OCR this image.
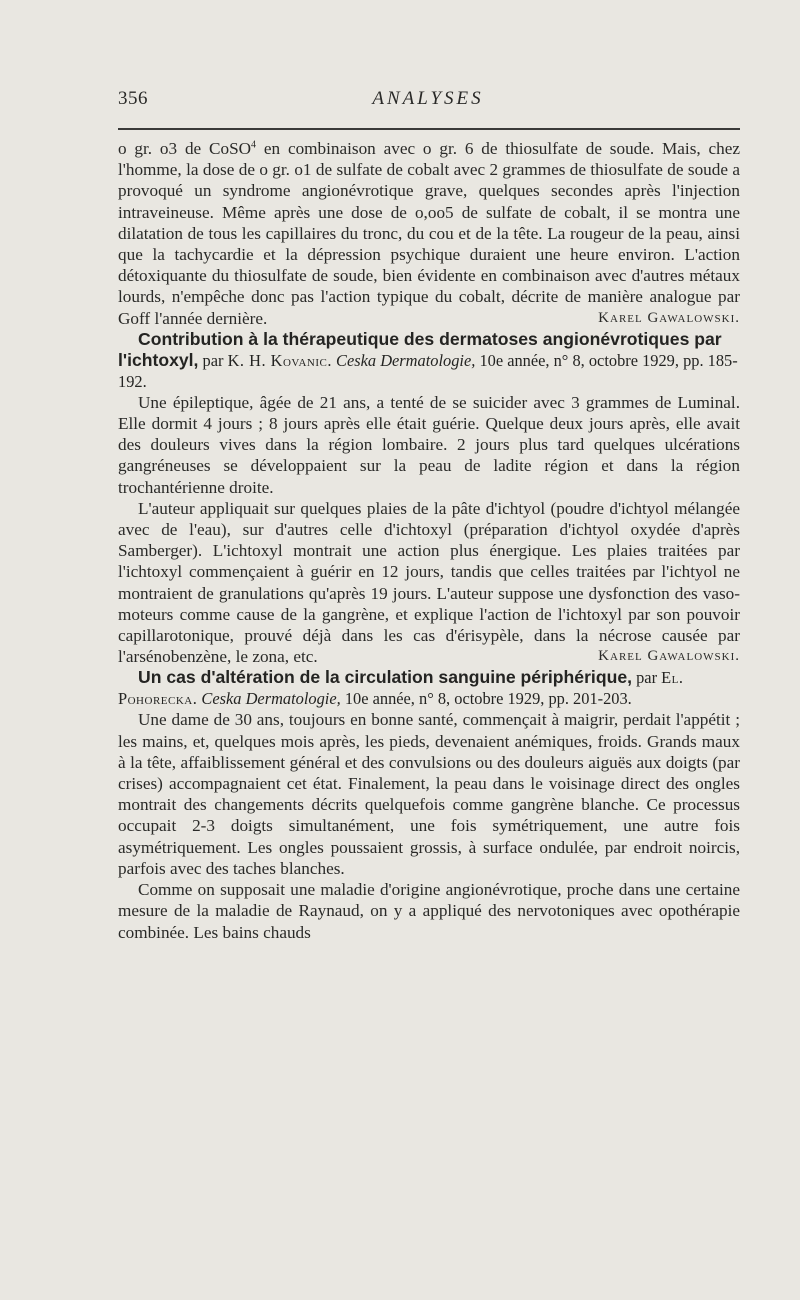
356	ANALYSES

o gr. o3 de CoSO$^4$ en combinaison avec o gr. 6 de thiosulfate de soude. Mais, chez l'homme, la dose de o gr. o1 de sulfate de cobalt avec 2 grammes de thiosulfate de soude a provoqué un syndrome angionévrotique grave, quelques secondes après l'injection intraveineuse. Même après une dose de o,oo5 de sulfate de cobalt, il se montra une dilatation de tous les capillaires du tronc, du cou et de la tête. La rougeur de la peau, ainsi que la tachycardie et la dépression psychique duraient une heure environ. L'action détoxiquante du thiosulfate de soude, bien évidente en combinaison avec d'autres métaux lourds, n'empêche donc pas l'action typique du cobalt, décrite de manière analogue par Goff l'année dernière.	Karel Gawalowski.

Contribution à la thérapeutique des dermatoses angionévrotiques par l'ichtoxyl, par K. H. Kovanic. Ceska Dermatologie, 10e année, n° 8, octobre 1929, pp. 185-192.

Une épileptique, âgée de 21 ans, a tenté de se suicider avec 3 grammes de Luminal. Elle dormit 4 jours ; 8 jours après elle était guérie. Quelque deux jours après, elle avait des douleurs vives dans la région lombaire. 2 jours plus tard quelques ulcérations gangréneuses se développaient sur la peau de ladite région et dans la région trochantérienne droite.

L'auteur appliquait sur quelques plaies de la pâte d'ichtyol (poudre d'ichtyol mélangée avec de l'eau), sur d'autres celle d'ichtoxyl (préparation d'ichtyol oxydée d'après Samberger). L'ichtoxyl montrait une action plus énergique. Les plaies traitées par l'ichtoxyl commençaient à guérir en 12 jours, tandis que celles traitées par l'ichtyol ne montraient de granulations qu'après 19 jours. L'auteur suppose une dysfonction des vaso-moteurs comme cause de la gangrène, et explique l'action de l'ichtoxyl par son pouvoir capillarotonique, prouvé déjà dans les cas d'érisypèle, dans la nécrose causée par l'arsénobenzène, le zona, etc.	Karel Gawalowski.

Un cas d'altération de la circulation sanguine périphérique, par El. Pohorecka. Ceska Dermatologie, 10e année, n° 8, octobre 1929, pp. 201-203.

Une dame de 30 ans, toujours en bonne santé, commençait à maigrir, perdait l'appétit ; les mains, et, quelques mois après, les pieds, devenaient anémiques, froids. Grands maux à la tête, affaiblissement général et des convulsions ou des douleurs aiguës aux doigts (par crises) accompagnaient cet état. Finalement, la peau dans le voisinage direct des ongles montrait des changements décrits quelquefois comme gangrène blanche. Ce processus occupait 2-3 doigts simultanément, une fois symétriquement, une autre fois asymétriquement. Les ongles poussaient grossis, à surface ondulée, par endroit noircis, parfois avec des taches blanches.

Comme on supposait une maladie d'origine angionévrotique, proche dans une certaine mesure de la maladie de Raynaud, on y a appliqué des nervotoniques avec opothérapie combinée. Les bains chauds
